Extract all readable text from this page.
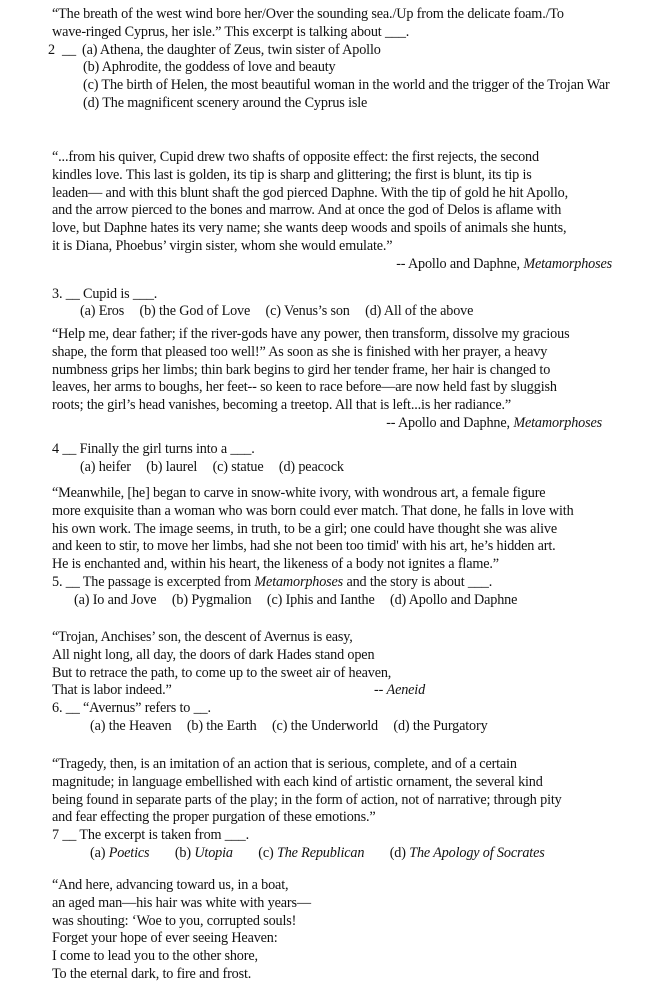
“The breath of the west wind bore her/Over the sounding sea./Up from the delicate foam./To
wave-ringed Cyprus, her isle.” This excerpt is talking about ___.
2 __ (a) Athena, the daughter of Zeus, twin sister of Apollo
(b) Aphrodite, the goddess of love and beauty
(c) The birth of Helen, the most beautiful woman in the world and the trigger of the Trojan War
(d) The magnificent scenery around the Cyprus isle
“...from his quiver, Cupid drew two shafts of opposite effect: the first rejects, the second
kindles love. This last is golden, its tip is sharp and glittering; the first is blunt, its tip is
leaden— and with this blunt shaft the god pierced Daphne. With the tip of gold he hit Apollo,
and the arrow pierced to the bones and marrow. And at once the god of Delos is aflame with
love, but Daphne hates its very name; she wants deep woods and spoils of animals she hunts,
it is Diana, Phoebus’ virgin sister, whom she would emulate.”
-- Apollo and Daphne, Metamorphoses
3. __ Cupid is ___.
(a) Eros (b) the God of Love (c) Venus’s son (d) All of the above
“Help me, dear father; if the river-gods have any power, then transform, dissolve my gracious
shape, the form that pleased too well!” As soon as she is finished with her prayer, a heavy
numbness grips her limbs; thin bark begins to gird her tender frame, her hair is changed to
leaves, her arms to boughs, her feet-- so keen to race before—are now held fast by sluggish
roots; the girl’s head vanishes, becoming a treetop. All that is left...is her radiance.”
-- Apollo and Daphne, Metamorphoses
4 __ Finally the girl turns into a ___.
(a) heifer (b) laurel (c) statue (d) peacock
“Meanwhile, [he] began to carve in snow-white ivory, with wondrous art, a female figure
more exquisite than a woman who was born could ever match. That done, he falls in love with
his own work. The image seems, in truth, to be a girl; one could have thought she was alive
and keen to stir, to move her limbs, had she not been too timid' with his art, he’s hidden art.
He is enchanted and, within his heart, the likeness of a body not ignites a flame.”
5. __ The passage is excerpted from Metamorphoses and the story is about ___.
(a) Io and Jove (b) Pygmalion (c) Iphis and Ianthe (d) Apollo and Daphne
“Trojan, Anchises’ son, the descent of Avernus is easy,
All night long, all day, the doors of dark Hades stand open
But to retrace the path, to come up to the sweet air of heaven,
That is labor indeed.”	-- Aeneid
6. __ “Avernus” refers to __.
(a) the Heaven (b) the Earth (c) the Underworld (d) the Purgatory
“Tragedy, then, is an imitation of an action that is serious, complete, and of a certain
magnitude; in language embellished with each kind of artistic ornament, the several kind
being found in separate parts of the play; in the form of action, not of narrative; through pity
and fear effecting the proper purgation of these emotions.”
7 __ The excerpt is taken from ___.
(a) Poetics (b) Utopia (c) The Republican (d) The Apology of Socrates
“And here, advancing toward us, in a boat,
an aged man—his hair was white with years—
was shouting: ‘Woe to you, corrupted souls!
Forget your hope of ever seeing Heaven:
I come to lead you to the other shore,
To the eternal dark, to fire and frost.
